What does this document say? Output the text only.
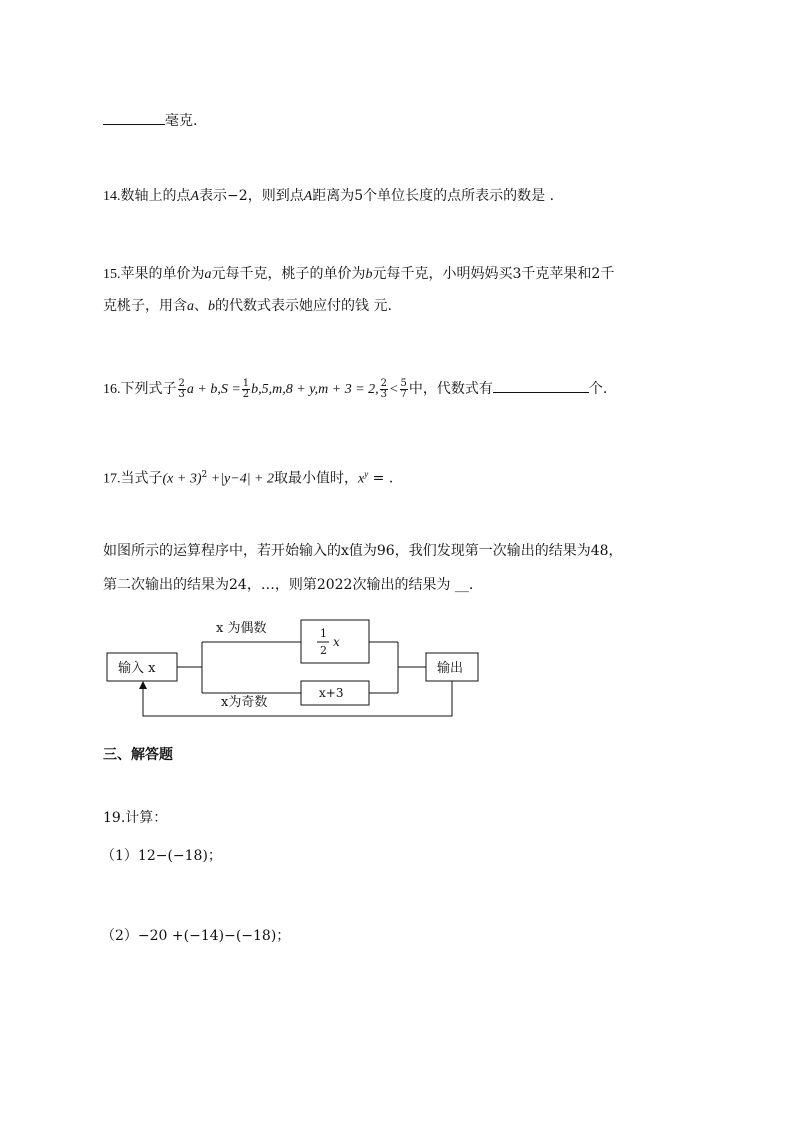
毫克.
14.数轴上的点A表示−2，则到点A距离为5个单位长度的点所表示的数是 .
15.苹果的单价为a元每千克，桃子的单价为b元每千克，小明妈妈买3千克苹果和2千
克桃子，用含a、b的代数式表示她应付的钱 元.
16.下列式子 $\frac{2}{3}$ $a + b,S = \frac{1}{2} b,5,m,8 + y,m + 3 = 2$, $\frac{2}{3} < \frac{5}{7}$ 中，代数式有	个.
17.当式子$(x + 3)^2 +|y-4| + 2$取最小值时，$x^y$ = .
如图所示的运算程序中，若开始输入的x值为96，我们发现第一次输出的结果为48，
第二次输出的结果为24，…，则第2022次输出的结果为 __.
输入 x
x 为偶数
x为奇数
1
2
x
x+3
输出
三、解答题
19.计算：
（1）12−(−18)；
（2）−20 +(−14)−(−18)；
